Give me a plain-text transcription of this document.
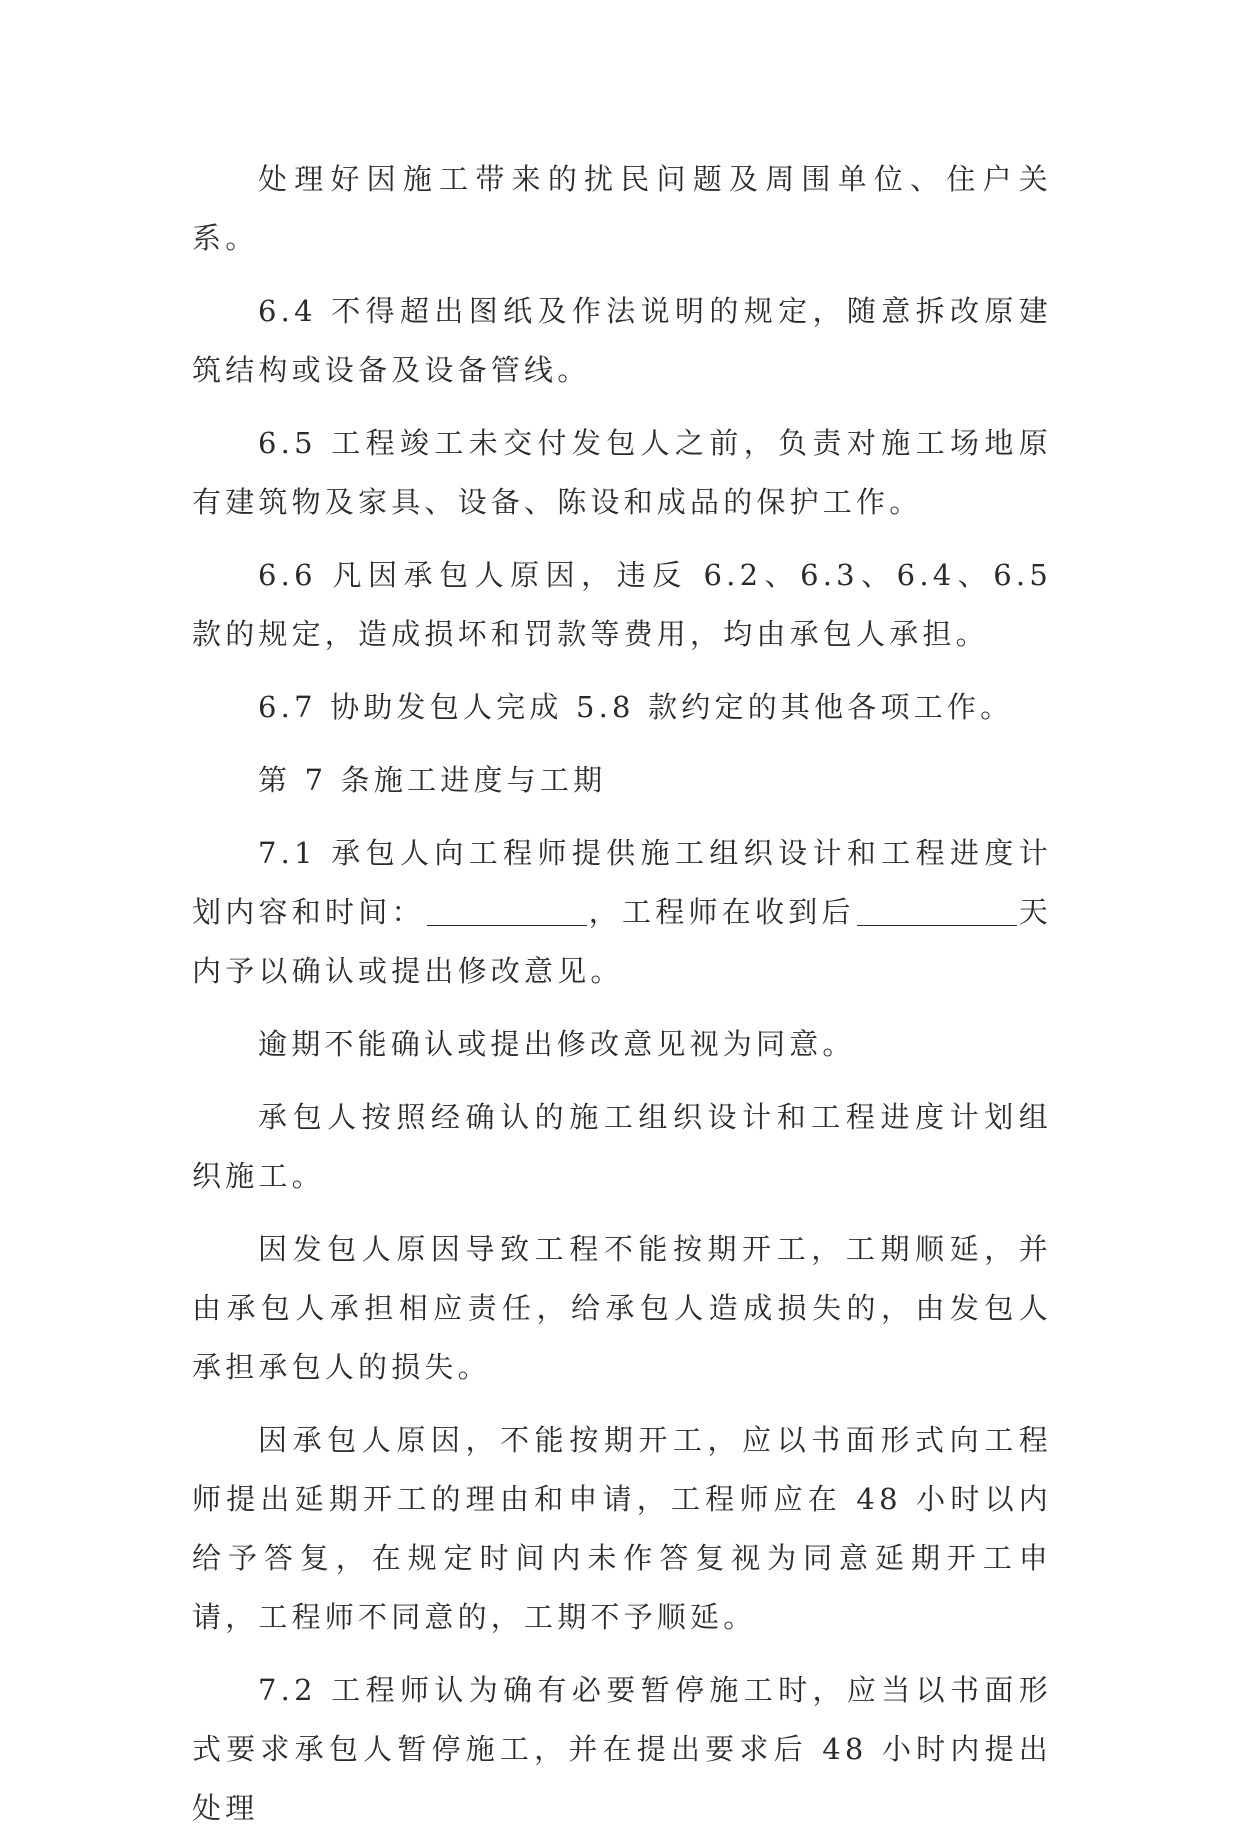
处理好因施工带来的扰民问题及周围单位、住户关系。

6.4 不得超出图纸及作法说明的规定，随意拆改原建筑结构或设备及设备管线。

6.5 工程竣工未交付发包人之前，负责对施工场地原有建筑物及家具、设备、陈设和成品的保护工作。

6.6 凡因承包人原因，违反 6.2、6.3、6.4、6.5 款的规定，造成损坏和罚款等费用，均由承包人承担。

6.7 协助发包人完成 5.8 款约定的其他各项工作。

第 7 条施工进度与工期

7.1 承包人向工程师提供施工组织设计和工程进度计划内容和时间：	，工程师在收到后	天内予以确认或提出修改意见。

逾期不能确认或提出修改意见视为同意。

承包人按照经确认的施工组织设计和工程进度计划组织施工。

因发包人原因导致工程不能按期开工，工期顺延，并由承包人承担相应责任，给承包人造成损失的，由发包人承担承包人的损失。

因承包人原因，不能按期开工，应以书面形式向工程师提出延期开工的理由和申请，工程师应在 48 小时以内给予答复，在规定时间内未作答复视为同意延期开工申请，工程师不同意的，工期不予顺延。

7.2 工程师认为确有必要暂停施工时，应当以书面形式要求承包人暂停施工，并在提出要求后 48 小时内提出处理
